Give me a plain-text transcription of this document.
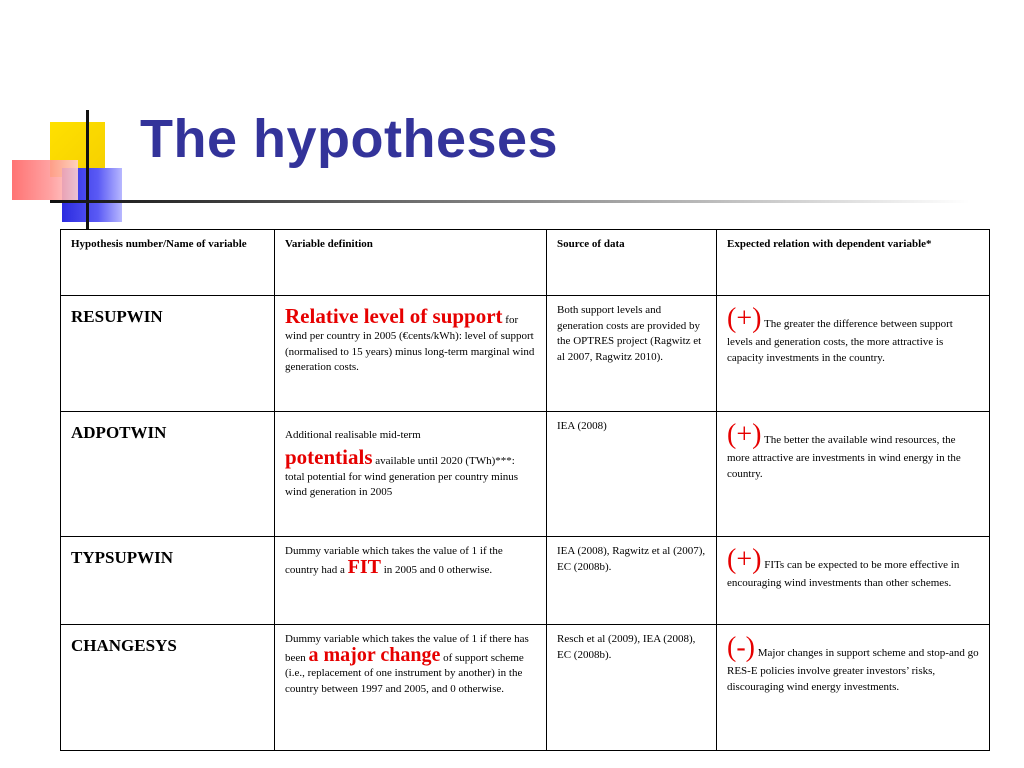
The hypotheses
Hypothesis number/Name of variable	Variable definition	Source of data	Expected relation with dependent variable*

RESUPWIN	Relative level of support for wind per country in 2005 (€cents/kWh): level of support (normalised to 15 years) minus long-term marginal wind generation costs.	Both support levels and generation costs are provided by the OPTRES project (Ragwitz et al 2007, Ragwitz 2010).	(+) The greater the difference between support levels and generation costs, the more attractive is capacity investments in the country.

ADPOTWIN	Additional realisable mid-term
potentials available until 2020 (TWh)***: total potential for wind generation per country minus wind generation in 2005	IEA (2008)	(+) The better the available wind resources, the more attractive are investments in wind energy in the country.

TYPSUPWIN	Dummy variable which takes the value of 1 if the country had a FIT in 2005 and 0 otherwise.	IEA (2008), Ragwitz et al (2007), EC (2008b).	(+) FITs can be expected to be more effective in encouraging wind investments than other schemes.

CHANGESYS	Dummy variable which takes the value of 1 if there has been a major change of support scheme (i.e., replacement of one instrument by another) in the country between 1997 and 2005, and 0 otherwise.	Resch et al (2009), IEA (2008), EC (2008b).	(-) Major changes in support scheme and stop-and go RES-E policies involve greater investors’ risks, discouraging wind energy investments.
